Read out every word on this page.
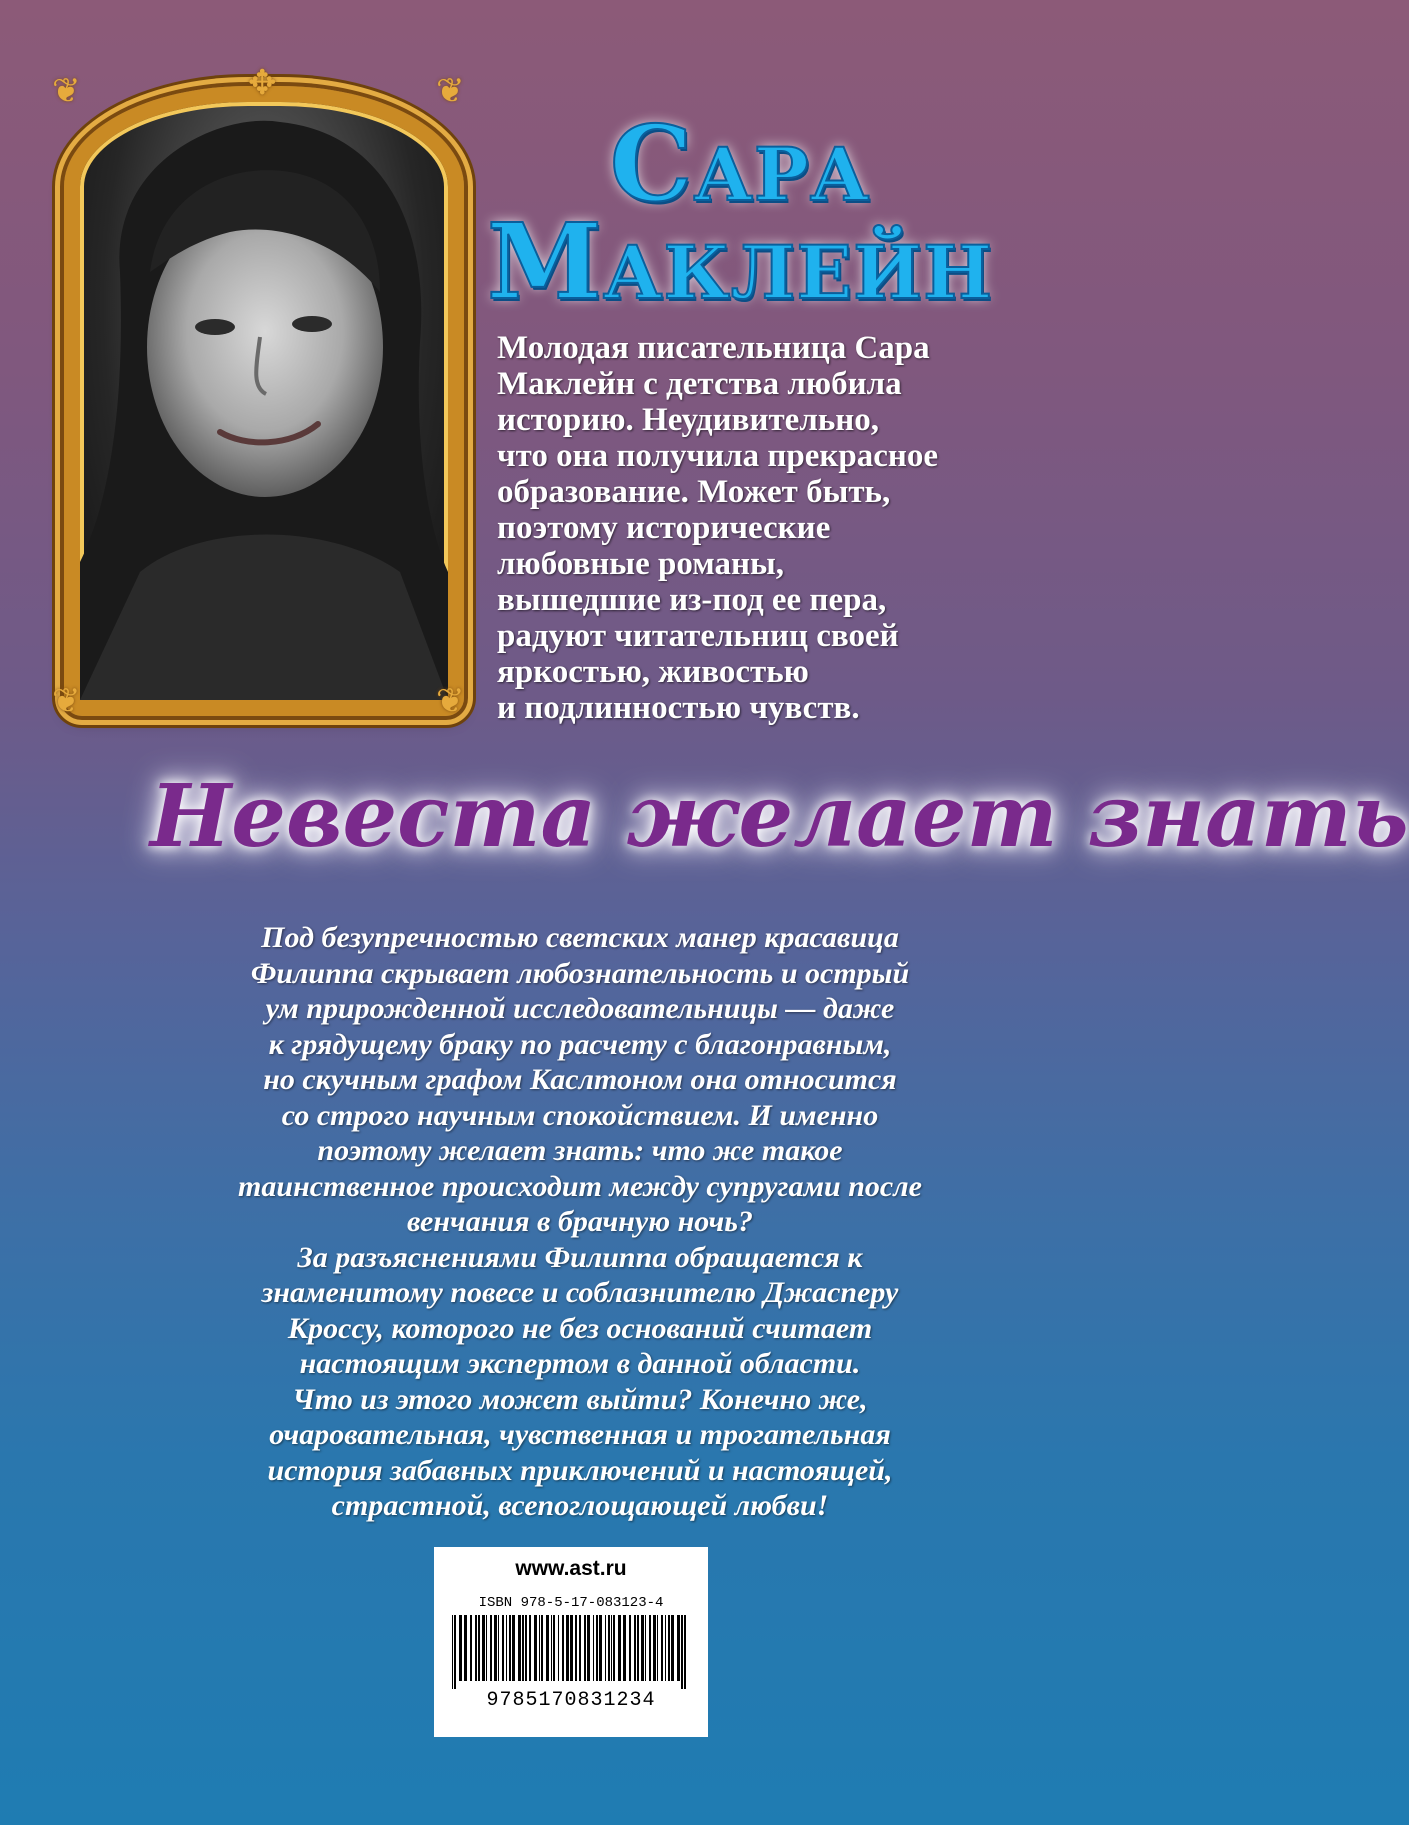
❦	❦
✥
❦	❦
Сара
Маклейн

Молодая писательница Сара
Маклейн с детства любила
историю. Неудивительно,
что она получила прекрасное
образование. Может быть,
поэтому исторические
любовные романы,
вышедшие из-под ее пера,
радуют читательниц своей
яркостью, живостью
и подлинностью чувств.

Невеста желает знать

Под безупречностью светских манер красавица
Филиппа скрывает любознательность и острый
ум прирожденной исследовательницы — даже
к грядущему браку по расчету с благонравным,
но скучным графом Каслтоном она относится
со строго научным спокойствием. И именно
поэтому желает знать: что же такое
таинственное происходит между супругами после
венчания в брачную ночь?
За разъяснениями Филиппа обращается к
знаменитому повесе и соблазнителю Джасперу
Кроссу, которого не без оснований считает
настоящим экспертом в данной области.
Что из этого может выйти? Конечно же,
очаровательная, чувственная и трогательная
история забавных приключений и настоящей,
страстной, всепоглощающей любви!

www.ast.ru
ISBN 978-5-17-083123-4
9785170831234
